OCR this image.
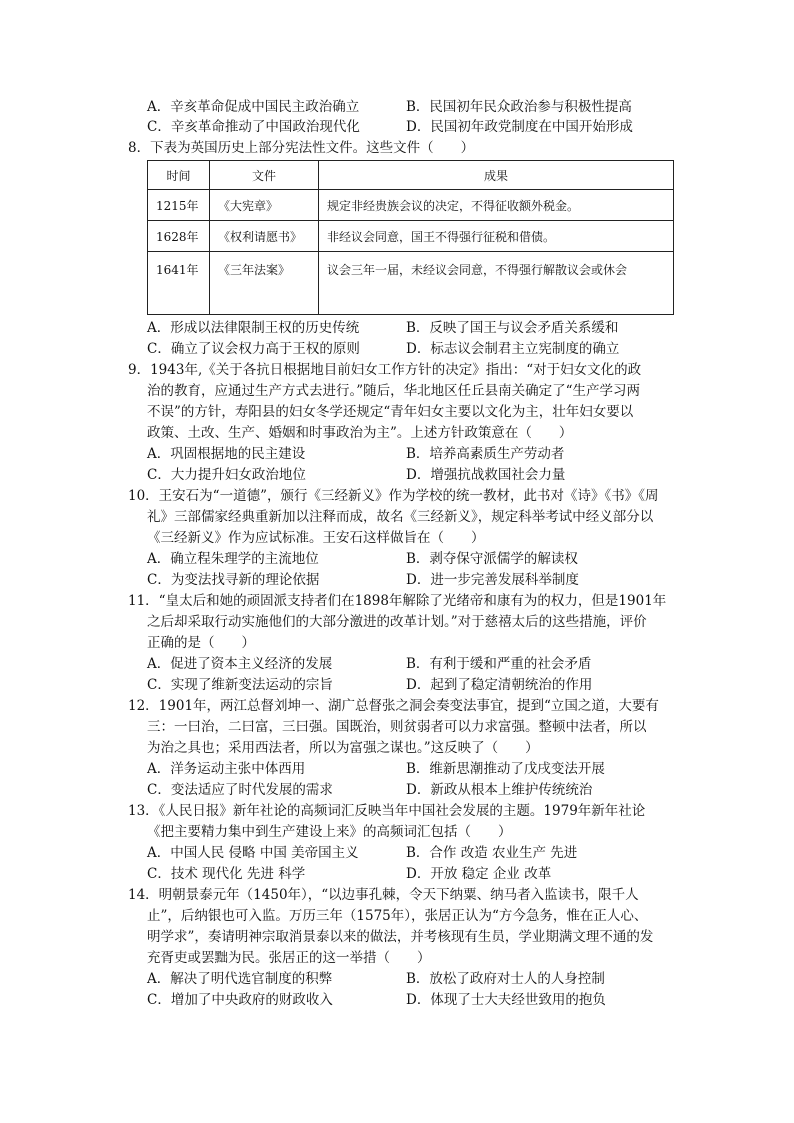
A．辛亥革命促成中国民主政治确立	B．民国初年民众政治参与积极性提高
C．辛亥革命推动了中国政治现代化	D．民国初年政党制度在中国开始形成
8．下表为英国历史上部分宪法性文件。这些文件（　　）
时间	文件	成果
1215年	《大宪章》	规定非经贵族会议的决定，不得征收额外税金。
1628年	《权利请愿书》	非经议会同意，国王不得强行征税和借债。
1641年	《三年法案》	议会三年一届，未经议会同意，不得强行解散议会或休会
A．形成以法律限制王权的历史传统	B．反映了国王与议会矛盾关系缓和
C．确立了议会权力高于王权的原则	D．标志议会制君主立宪制度的确立
9．1943年,《关于各抗日根据地目前妇女工作方针的决定》指出：“对于妇女文化的政
治的教育，应通过生产方式去进行。”随后，华北地区任丘县南关确定了“生产学习两
不误”的方针，寿阳县的妇女冬学还规定“青年妇女主要以文化为主，壮年妇女要以
政策、土改、生产、婚姻和时事政治为主”。上述方针政策意在（　　）
A．巩固根据地的民主建设	B．培养高素质生产劳动者
C．大力提升妇女政治地位	D．增强抗战救国社会力量
10．王安石为“一道德”，颁行《三经新义》作为学校的统一教材，此书对《诗》《书》《周
礼》三部儒家经典重新加以注释而成，故名《三经新义》，规定科举考试中经义部分以
《三经新义》作为应试标准。王安石这样做旨在（　　）
A．确立程朱理学的主流地位	B．剥夺保守派儒学的解读权
C．为变法找寻新的理论依据	D．进一步完善发展科举制度
11．“皇太后和她的顽固派支持者们在1898年解除了光绪帝和康有为的权力，但是1901年
之后却采取行动实施他们的大部分激进的改革计划。”对于慈禧太后的这些措施，评价
正确的是（　　）
A．促进了资本主义经济的发展	B．有利于缓和严重的社会矛盾
C．实现了维新变法运动的宗旨	D．起到了稳定清朝统治的作用
12．1901年，两江总督刘坤一、湖广总督张之洞会奏变法事宜，提到“立国之道，大要有
三：一曰治，二曰富，三曰强。国既治，则贫弱者可以力求富强。整顿中法者，所以
为治之具也；采用西法者，所以为富强之谋也。”这反映了（　　）
A．洋务运动主张中体西用	B．维新思潮推动了戊戌变法开展
C．变法适应了时代发展的需求	D．新政从根本上维护传统统治
13．《人民日报》新年社论的高频词汇反映当年中国社会发展的主题。1979年新年社论
《把主要精力集中到生产建设上来》的高频词汇包括（　　）
A．中国人民 侵略 中国 美帝国主义	B．合作 改造 农业生产 先进
C．技术 现代化 先进 科学	D．开放 稳定 企业 改革
14．明朝景泰元年（1450年），“以边事孔棘，令天下纳粟、纳马者入监读书，限千人
止”，后纳银也可入监。万历三年（1575年），张居正认为“方今急务，惟在正人心、
明学求”，奏请明神宗取消景泰以来的做法，并考核现有生员，学业期满文理不通的发
充胥吏或罢黜为民。张居正的这一举措（　　）
A．解决了明代选官制度的积弊	B．放松了政府对士人的人身控制
C．增加了中央政府的财政收入	D．体现了士大夫经世致用的抱负
